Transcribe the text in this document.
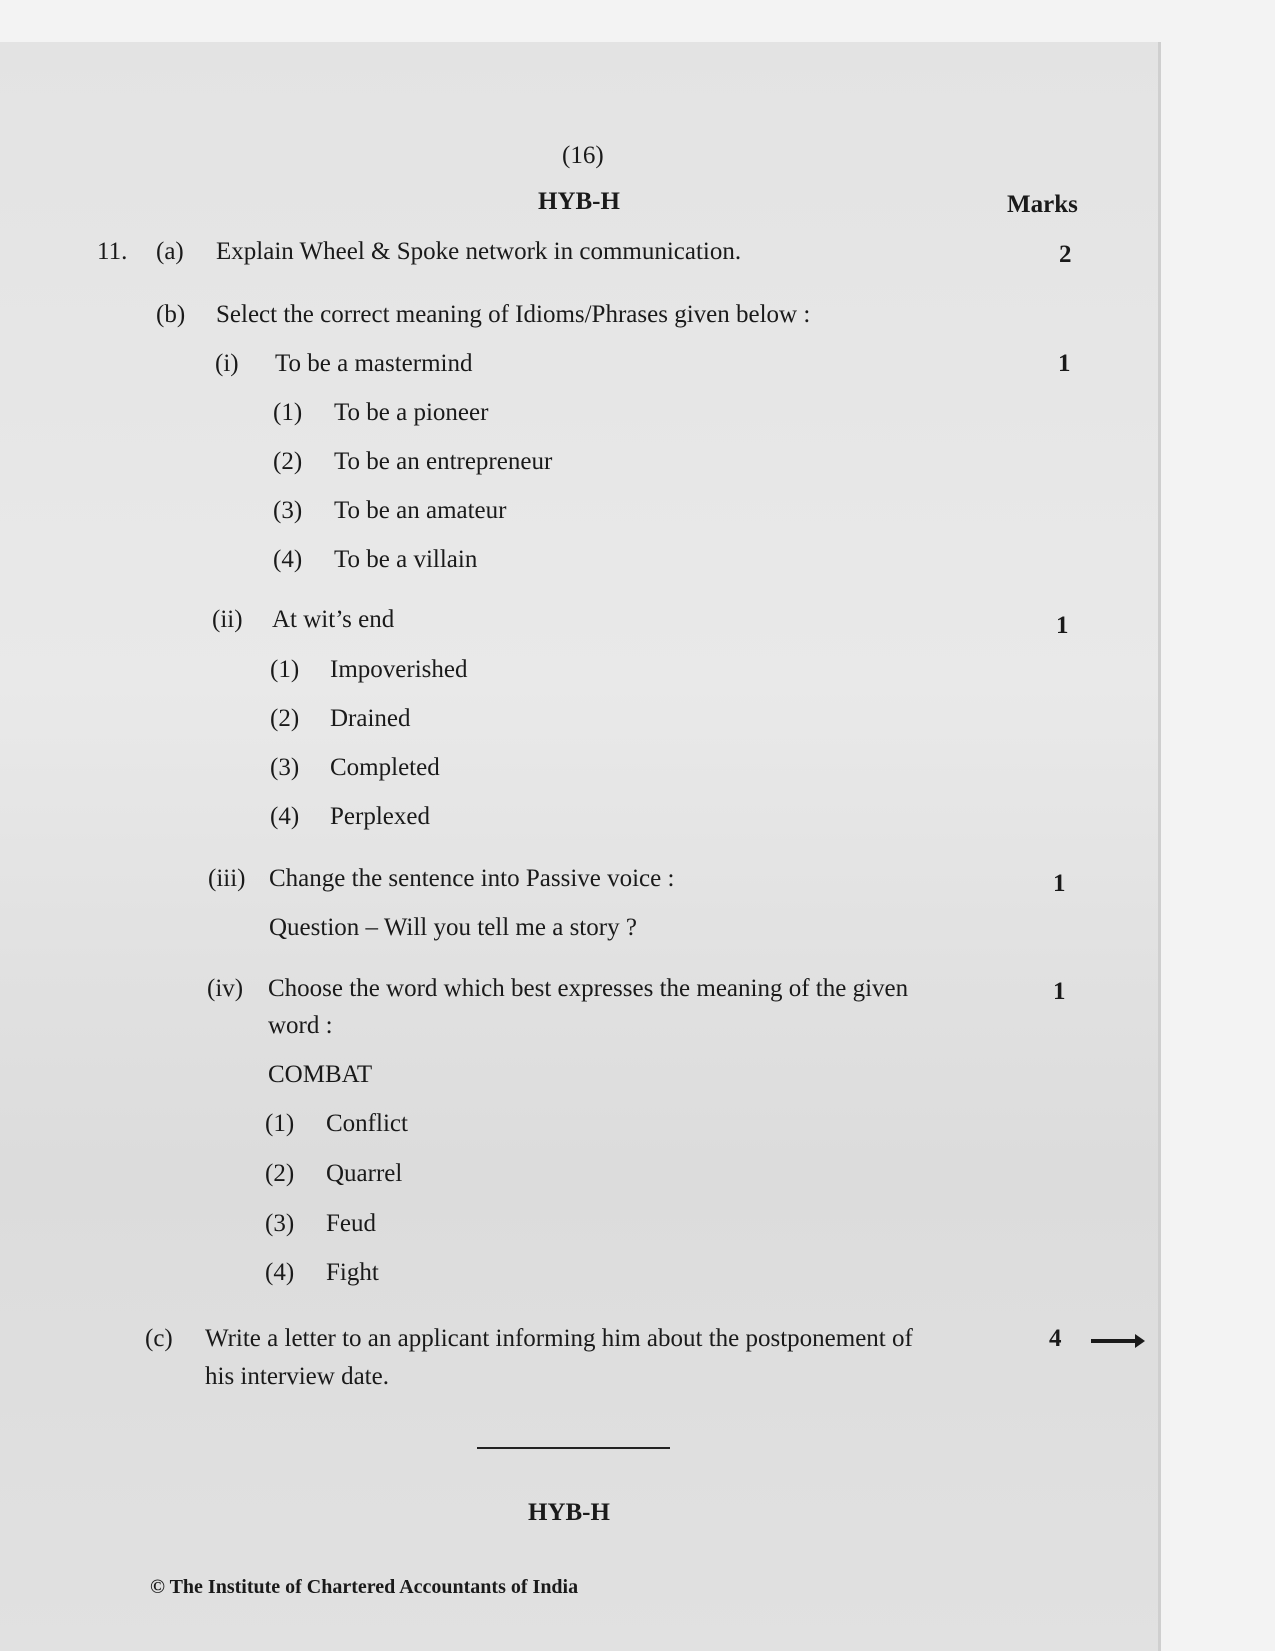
(16)
HYB-H	Marks
11. (a) Explain Wheel & Spoke network in communication.	2
(b) Select the correct meaning of Idioms/Phrases given below :
(i) To be a mastermind	1
(1) To be a pioneer
(2) To be an entrepreneur
(3) To be an amateur
(4) To be a villain
(ii) At wit’s end	1
(1) Impoverished
(2) Drained
(3) Completed
(4) Perplexed
(iii) Change the sentence into Passive voice :	1
Question – Will you tell me a story ?
(iv) Choose the word which best expresses the meaning of the given	1
word :
COMBAT
(1) Conflict
(2) Quarrel
(3) Feud
(4) Fight
(c) Write a letter to an applicant informing him about the postponement of	4
his interview date.
HYB-H
© The Institute of Chartered Accountants of India
